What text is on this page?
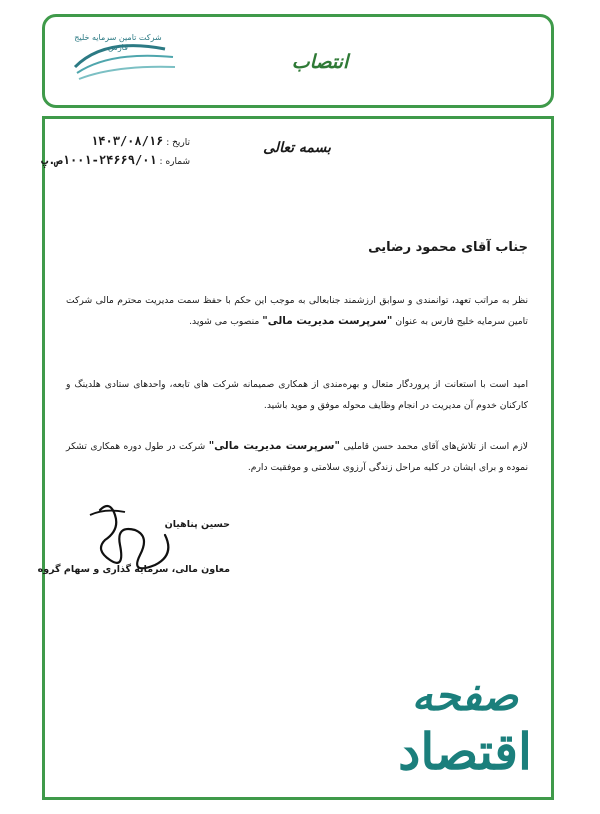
شرکت تامین سرمایه خلیج فارس
انتصاب
بسمه تعالی
تاریخ : ۱۴۰۳/۰۸/۱۶
شماره : ۲۴۶۶۹/۰۱-۱۰۰۱ص.پ
جناب آقای محمود رضایی
نظر به مراتب تعهد، توانمندی و سوابق ارزشمند جنابعالی به موجب این حکم با حفظ سمت مدیریت محترم مالی شرکت تامین سرمایه خلیج فارس به عنوان "سرپرست مدیریت مالی" منصوب می شوید.
امید است با استعانت از پروردگار متعال و بهره‌مندی از همکاری صمیمانه شرکت های تابعه، واحدهای ستادی هلدینگ و کارکنان خدوم آن مدیریت در انجام وظایف محوله موفق و موید باشید.
لازم است از تلاش‌های آقای محمد حسن قاملیی "سرپرست مدیریت مالی" شرکت در طول دوره همکاری تشکر نموده و برای ایشان در کلیه مراحل زندگی آرزوی سلامتی و موفقیت دارم.
حسین پناهیان
معاون مالی، سرمایه گذاری و سهام گروه
صفحه
اقتصاد
